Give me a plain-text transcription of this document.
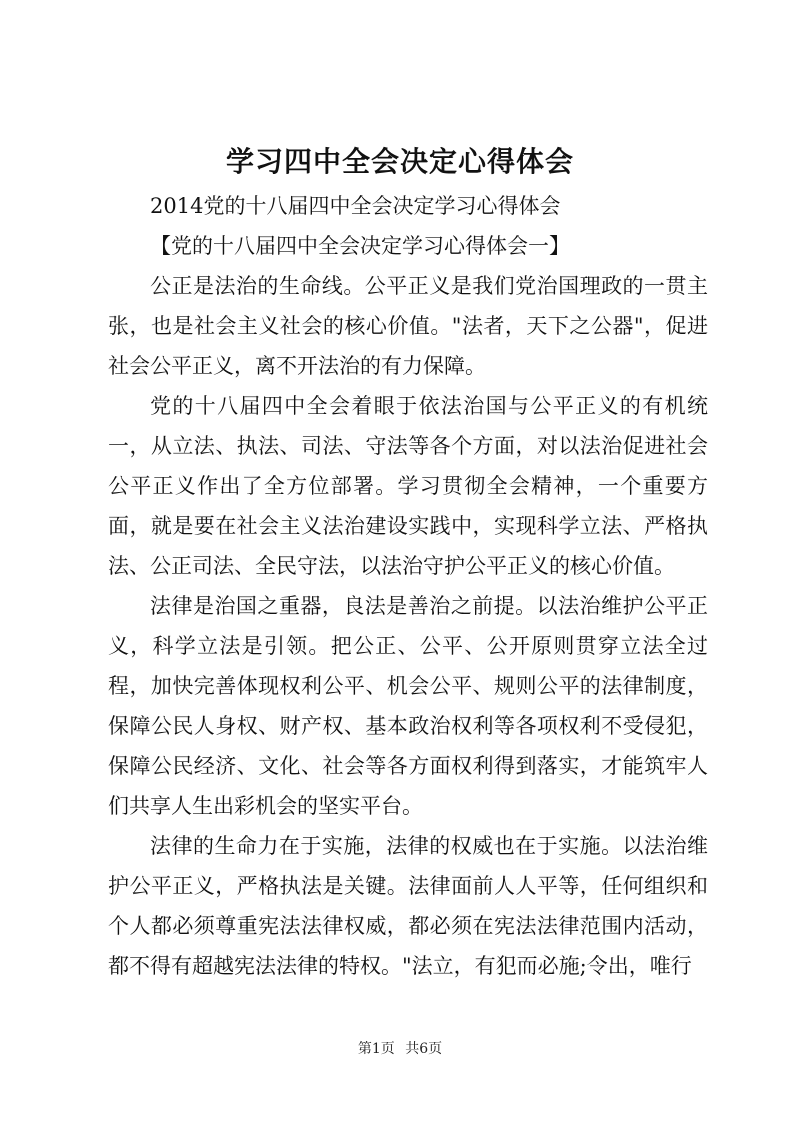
学习四中全会决定心得体会

2014党的十八届四中全会决定学习心得体会

【党的十八届四中全会决定学习心得体会一】

公正是法治的生命线。公平正义是我们党治国理政的一贯主张，也是社会主义社会的核心价值。"法者，天下之公器"，促进社会公平正义，离不开法治的有力保障。

党的十八届四中全会着眼于依法治国与公平正义的有机统一，从立法、执法、司法、守法等各个方面，对以法治促进社会公平正义作出了全方位部署。学习贯彻全会精神，一个重要方面，就是要在社会主义法治建设实践中，实现科学立法、严格执法、公正司法、全民守法，以法治守护公平正义的核心价值。

法律是治国之重器，良法是善治之前提。以法治维护公平正义，科学立法是引领。把公正、公平、公开原则贯穿立法全过程，加快完善体现权利公平、机会公平、规则公平的法律制度，保障公民人身权、财产权、基本政治权利等各项权利不受侵犯，保障公民经济、文化、社会等各方面权利得到落实，才能筑牢人们共享人生出彩机会的坚实平台。

法律的生命力在于实施，法律的权威也在于实施。以法治维护公平正义，严格执法是关键。法律面前人人平等，任何组织和个人都必须尊重宪法法律权威，都必须在宪法法律范围内活动，都不得有超越宪法法律的特权。"法立，有犯而必施;令出，唯行

第1页 共6页
